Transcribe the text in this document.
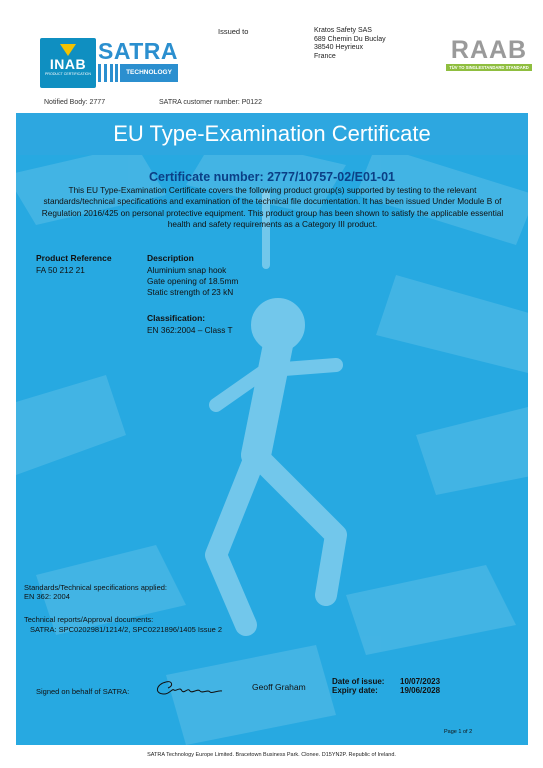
INAB
PRODUCT CERTIFICATION
SATRA
TECHNOLOGY
Issued to	Kratos Safety SAS
689 Chemin Du Buclay
38540 Heyrieux
France	RAAB
TÜV TO SINGLESTANDARD STANDARD
Notified Body: 2777	SATRA customer number: P0122
EU Type-Examination Certificate
Certificate number: 2777/10757-02/E01-01
This EU Type-Examination Certificate covers the following product group(s) supported by testing to the relevant standards/technical specifications and examination of the technical file documentation. It has been issued Under Module B of Regulation 2016/425 on personal protective equipment. This product group has been shown to satisfy the applicable essential health and safety requirements as a Category III product.
Product Reference
FA 50 212 21
Description
Aluminium snap hook
Gate opening of 18.5mm
Static strength of 23 kN
Classification:
EN 362:2004 – Class T
Standards/Technical specifications applied:
EN 362: 2004
Technical reports/Approval documents:
SATRA: SPC0202981/1214/2, SPC0221896/1405 Issue 2
Signed on behalf of SATRA:	Geoff Graham
Date of issue: 10/07/2023
Expiry date:	19/06/2028
Page 1 of 2
SATRA Technology Europe Limited. Bracetown Business Park. Clonee. D15YN2P. Republic of Ireland.
